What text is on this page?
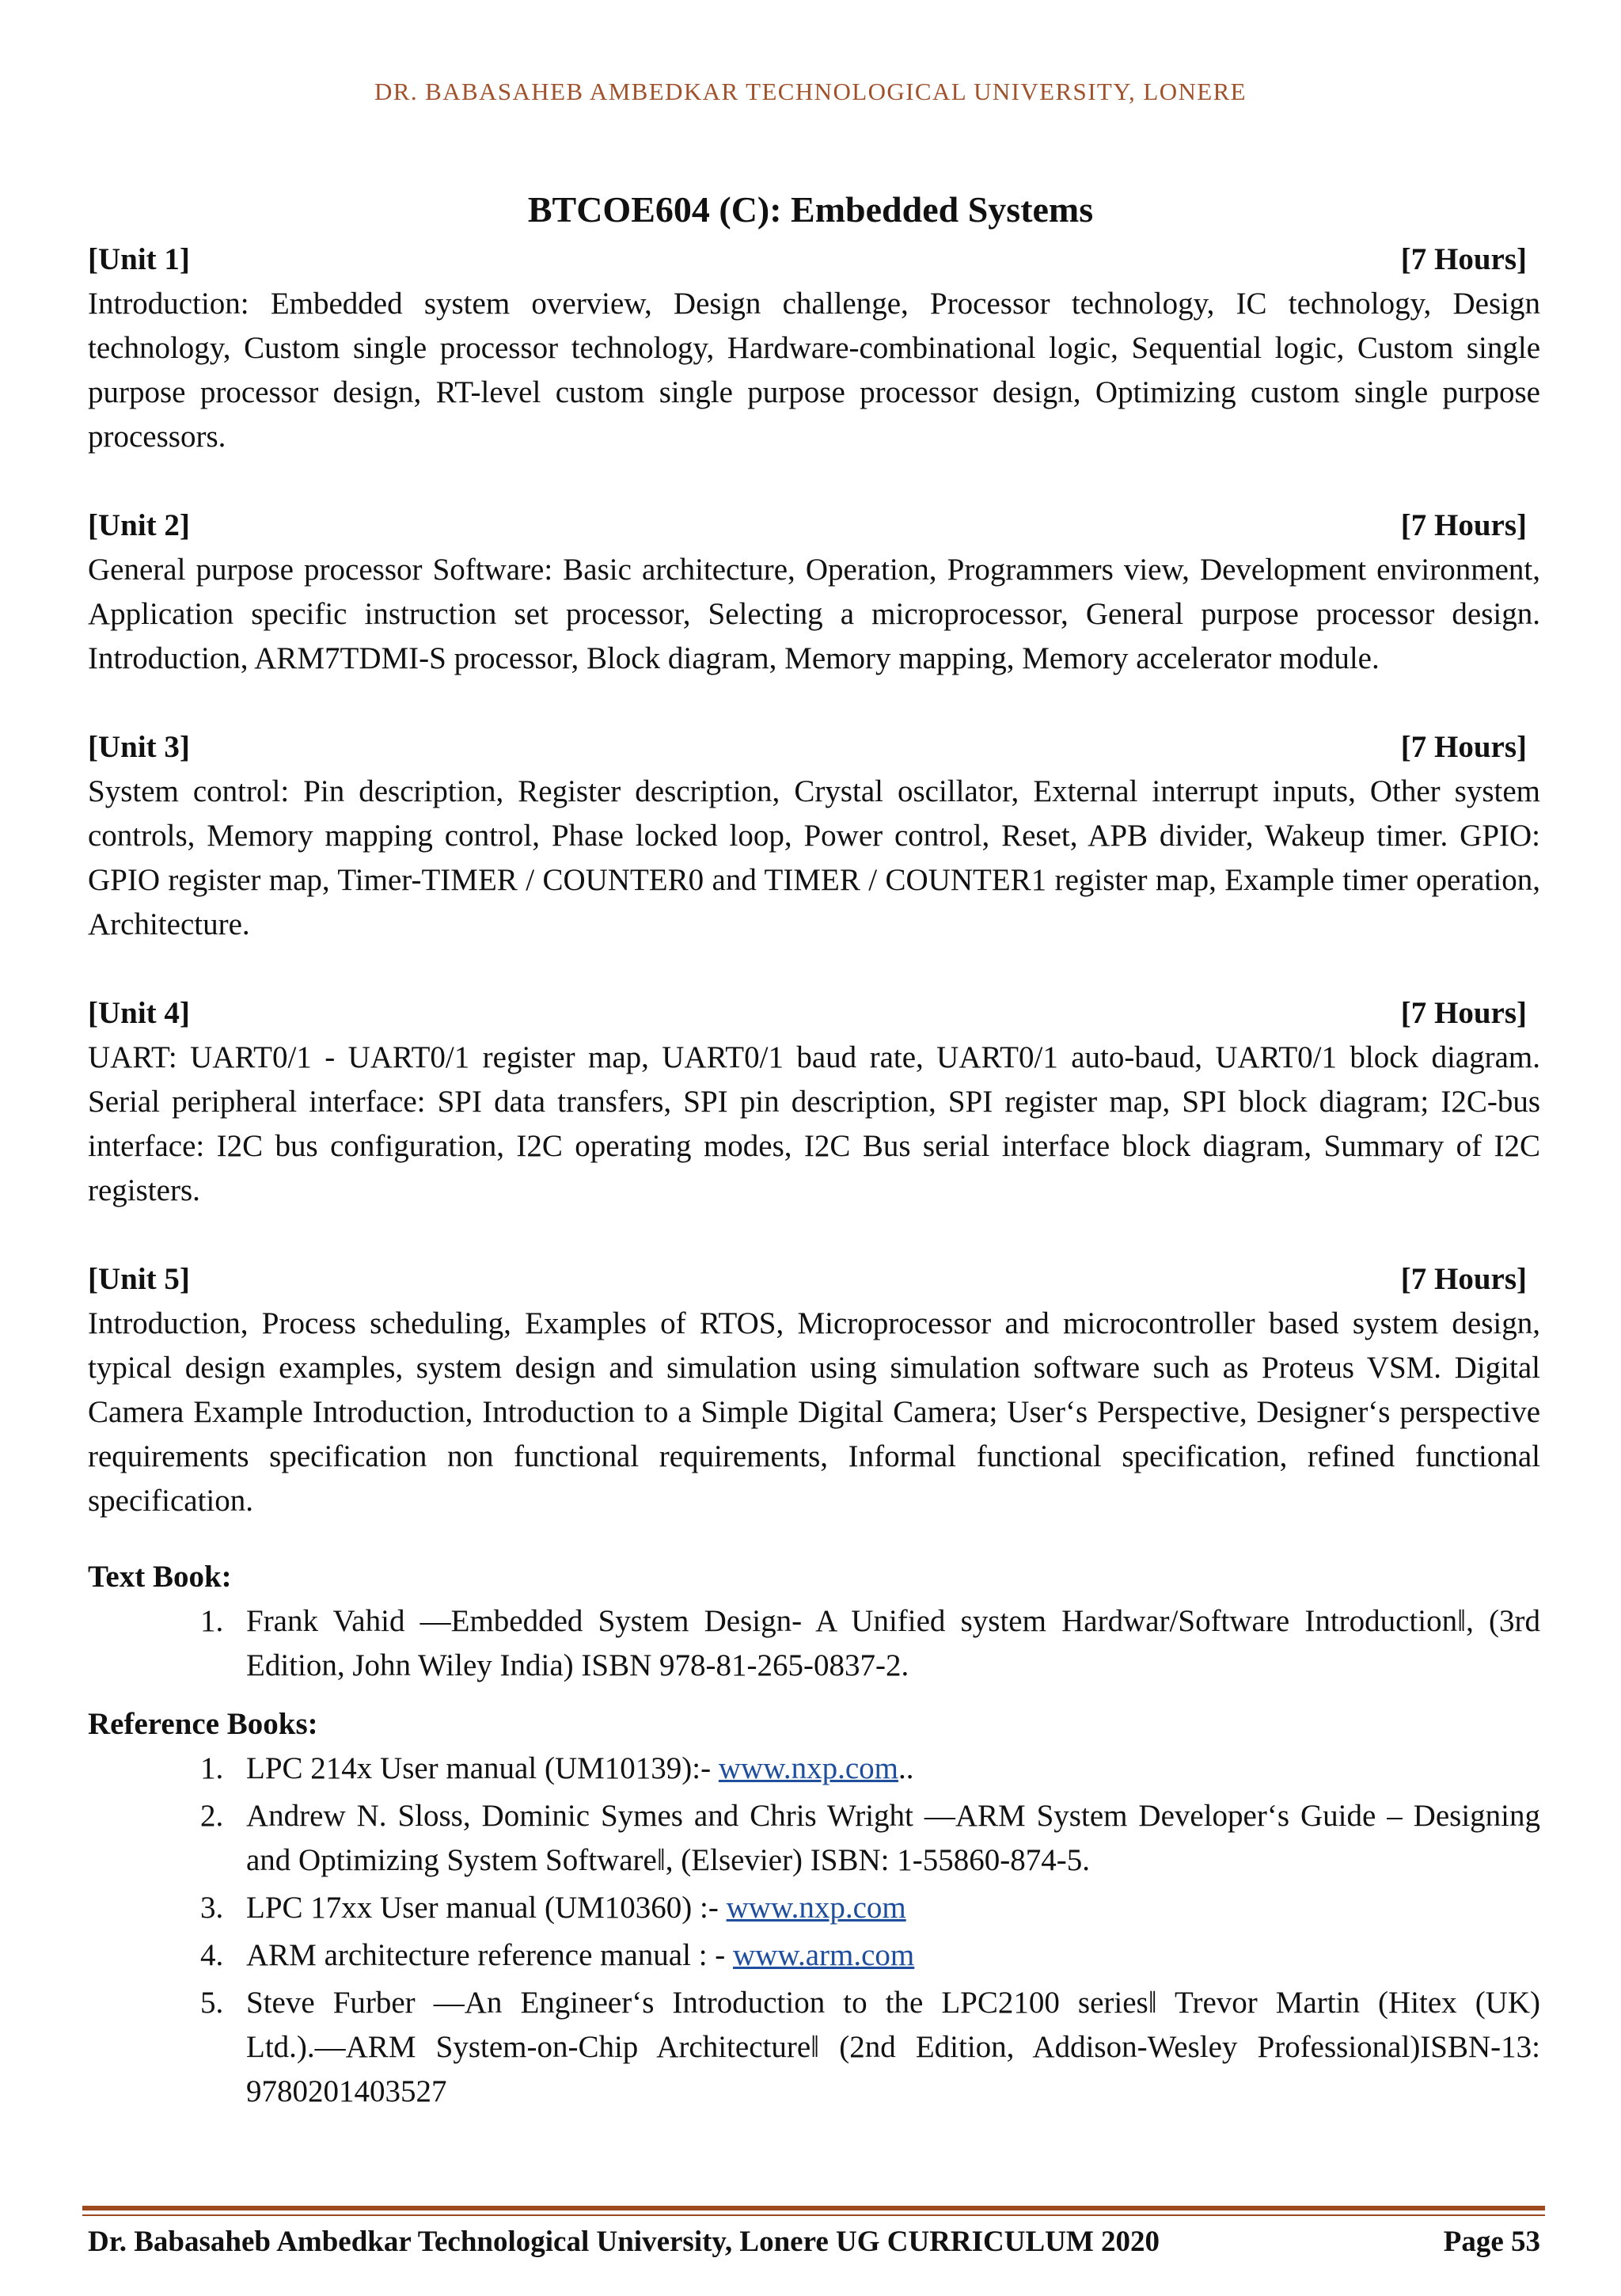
DR. BABASAHEB AMBEDKAR TECHNOLOGICAL UNIVERSITY, LONERE
BTCOE604 (C): Embedded Systems
[Unit 1]	[7 Hours]
Introduction: Embedded system overview, Design challenge, Processor technology, IC technology, Design technology, Custom single processor technology, Hardware-combinational logic, Sequential logic, Custom single purpose processor design, RT-level custom single purpose processor design, Optimizing custom single purpose processors.
[Unit 2]	[7 Hours]
General purpose processor Software: Basic architecture, Operation, Programmers view, Development environment, Application specific instruction set processor, Selecting a microprocessor, General purpose processor design. Introduction, ARM7TDMI-S processor, Block diagram, Memory mapping, Memory accelerator module.
[Unit 3]	[7 Hours]
System control: Pin description, Register description, Crystal oscillator, External interrupt inputs, Other system controls, Memory mapping control, Phase locked loop, Power control, Reset, APB divider, Wakeup timer. GPIO: GPIO register map, Timer-TIMER / COUNTER0 and TIMER / COUNTER1 register map, Example timer operation, Architecture.
[Unit 4]	[7 Hours]
UART: UART0/1 - UART0/1 register map, UART0/1 baud rate, UART0/1 auto-baud, UART0/1 block diagram. Serial peripheral interface: SPI data transfers, SPI pin description, SPI register map, SPI block diagram; I2C-bus interface: I2C bus configuration, I2C operating modes, I2C Bus serial interface block diagram, Summary of I2C registers.
[Unit 5]	[7 Hours]
Introduction, Process scheduling, Examples of RTOS, Microprocessor and microcontroller based system design, typical design examples, system design and simulation using simulation software such as Proteus VSM. Digital Camera Example Introduction, Introduction to a Simple Digital Camera; User‘s Perspective, Designer‘s perspective requirements specification non functional requirements, Informal functional specification, refined functional specification.
Text Book:
1. Frank Vahid ―Embedded System Design- A Unified system Hardwar/Software Introduction‖, (3rd Edition, John Wiley India) ISBN 978-81-265-0837-2.
Reference Books:
1. LPC 214x User manual (UM10139):- www.nxp.com..
2. Andrew N. Sloss, Dominic Symes and Chris Wright ―ARM System Developer‘s Guide – Designing and Optimizing System Software‖, (Elsevier) ISBN: 1-55860-874-5.
3. LPC 17xx User manual (UM10360) :- www.nxp.com
4. ARM architecture reference manual : - www.arm.com
5. Steve Furber ―An Engineer‘s Introduction to the LPC2100 series‖ Trevor Martin (Hitex (UK) Ltd.).―ARM System-on-Chip Architecture‖ (2nd Edition, Addison-Wesley Professional)ISBN-13: 9780201403527
Dr. Babasaheb Ambedkar Technological University, Lonere UG CURRICULUM 2020	Page 53
